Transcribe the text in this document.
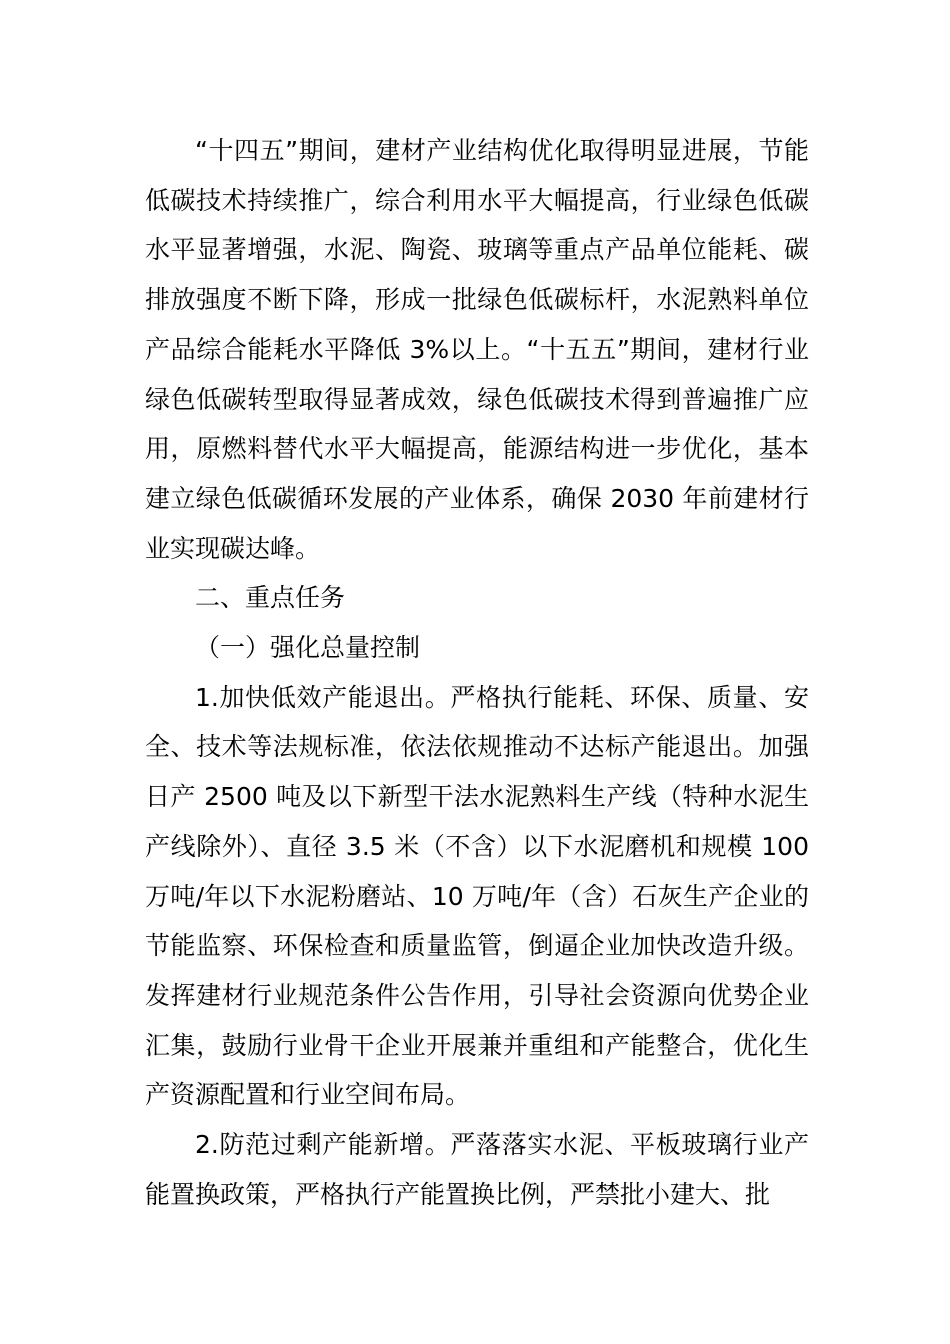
“十四五”期间，建材产业结构优化取得明显进展，节能低碳技术持续推广，综合利用水平大幅提高，行业绿色低碳水平显著增强，水泥、陶瓷、玻璃等重点产品单位能耗、碳排放强度不断下降，形成一批绿色低碳标杆，水泥熟料单位产品综合能耗水平降低 3%以上。“十五五”期间，建材行业绿色低碳转型取得显著成效，绿色低碳技术得到普遍推广应用，原燃料替代水平大幅提高，能源结构进一步优化，基本建立绿色低碳循环发展的产业体系，确保 2030 年前建材行业实现碳达峰。

二、重点任务

（一）强化总量控制

1.加快低效产能退出。严格执行能耗、环保、质量、安全、技术等法规标准，依法依规推动不达标产能退出。加强日产 2500 吨及以下新型干法水泥熟料生产线（特种水泥生产线除外）、直径 3.5 米（不含）以下水泥磨机和规模 100 万吨/年以下水泥粉磨站、10 万吨/年（含）石灰生产企业的节能监察、环保检查和质量监管，倒逼企业加快改造升级。发挥建材行业规范条件公告作用，引导社会资源向优势企业汇集，鼓励行业骨干企业开展兼并重组和产能整合，优化生产资源配置和行业空间布局。

2.防范过剩产能新增。严落落实水泥、平板玻璃行业产能置换政策，严格执行产能置换比例，严禁批小建大、批
